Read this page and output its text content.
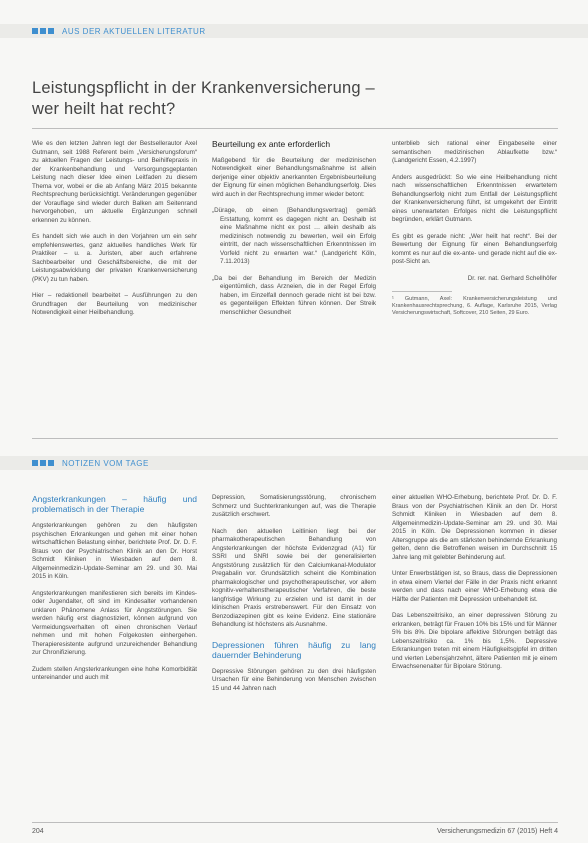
AUS DER AKTUELLEN LITERATUR
Leistungspflicht in der Krankenversicherung –
wer heilt hat recht?

Wie es den letzten Jahren legt der Bestsellerautor Axel Gutmann, seit 1988 Referent beim „Versicherungsforum“ zu aktuellen Fragen der Leistungs- und Beihilfepraxis in der Krankenbehandlung und Versorgungsgeplanten Leistung nach dieser Idee einen Leitfaden zu diesem Thema vor, wobei er die ab Anfang März 2015 bekannte Rechtsprechung berücksichtigt. Veränderungen gegenüber der Vorauflage sind wieder durch Balken am Seitenrand hervorgehoben, um aktuelle Ergänzungen schnell erkennen zu können.

Es handelt sich wie auch in den Vorjahren um ein sehr empfehlenswertes, ganz aktuelles handliches Werk für Praktiker – u. a. Juristen, aber auch erfahrene Sachbearbeiter und Geschäftsbereiche, die mit der Leistungsabwicklung der privaten Krankenversicherung (PKV) zu tun haben.

Hier – redaktionell bearbeitet – Ausführungen zu den Grundfragen der Beurteilung von medizinischer Notwendigkeit einer Heilbehandlung.

Beurteilung ex ante erforderlich

Maßgebend für die Beurteilung der medizinischen Notwendigkeit einer Behandlungsmaßnahme ist allein derjenige einer objektiv anerkannten Ergebnisbeurteilung der Eignung für einen möglichen Behandlungserfolg. Dies wird auch in der Rechtsprechung immer wieder betont:

„Dürage, ob einen [Behandlungsvertrag] gemäß Erstattung, kommt es dagegen nicht an. Deshalb ist eine Maßnahme nicht ex post … allein deshalb als medizinisch notwendig zu bewerten, weil ein Erfolg eintritt, der nach wissenschaftlichen Erkenntnissen im Vorfeld nicht zu erwarten war.“ (Landgericht Köln, 7.11.2013)

„Da bei der Behandlung im Bereich der Medizin eigentümlich, dass Arzneien, die in der Regel Erfolg haben, im Einzelfall dennoch gerade nicht ist bei bzw. es gegenteiligen Effekten führen können. Der Streik menschlicher Gesundheit

unterblieb sich rational einer Eingabeseite einer semantischen medizinischen Ablaufkette bzw.“ (Landgericht Essen, 4.2.1997)

Anders ausgedrückt: So wie eine Heilbehandlung nicht nach wissenschaftlichen Erkenntnissen erwartetem Behandlungserfolg nicht zum Entfall der Leistungspflicht der Krankenversicherung führt, ist umgekehrt der Eintritt eines unerwarteten Erfolges nicht die Leistungspflicht begründen, erklärt Gutmann.

Es gibt es gerade nicht: „Wer heilt hat recht“. Bei der Bewertung der Eignung für einen Behandlungserfolg kommt es nur auf die ex-ante- und gerade nicht auf die ex-post-Sicht an.

Dr. rer. nat. Gerhard Schellhöfer

¹ Gutmann, Axel: Krankenversicherungsleistung und Krankenhausrechtsprechung, 6. Auflage, Karlsruhe 2015, Verlag Versicherungswirtschaft, Softcover, 210 Seiten, 29 Euro.

NOTIZEN VOM TAGE
Angsterkrankungen – häufig und problematisch in der Therapie

Angsterkrankungen gehören zu den häufigsten psychischen Erkrankungen und gehen mit einer hohen wirtschaftlichen Belastung einher, berichtete Prof. Dr. D. F. Braus von der Psychiatrischen Klinik an den Dr. Horst Schmidt Kliniken in Wiesbaden auf dem 8. Allgemeinmedizin-Update-Seminar am 29. und 30. Mai 2015 in Köln.

Angsterkrankungen manifestieren sich bereits im Kindes- oder Jugendalter, oft sind im Kindesalter vorhandenen unklaren Phänomene Anlass für Angststörungen. Sie werden häufig erst diagnostiziert, können aufgrund von Vermeidungsverhalten oft einen chronischen Verlauf nehmen und mit hohen Folgekosten einhergehen. Therapieresistente aufgrund unzureichender Behandlung zur Chronifizierung.

Zudem stellen Angsterkrankungen eine hohe Komorbidität untereinander und auch mit

Depression, Somatisierungsstörung, chronischem Schmerz und Suchterkrankungen auf, was die Therapie zusätzlich erschwert.

Nach den aktuellen Leitlinien liegt bei der pharmakotherapeutischen Behandlung von Angsterkrankungen der höchste Evidenzgrad (A1) für SSRI und SNRI sowie bei der generalisierten Angststörung zusätzlich für den Calciumkanal-Modulator Pregabalin vor. Grundsätzlich scheint die Kombination pharmakologischer und psychotherapeutischer, vor allem kognitiv-verhaltenstherapeutischer Verfahren, die beste langfristige Wirkung zu erzielen und ist damit in der klinischen Praxis erstrebenswert. Für den Einsatz von Benzodiazepinen gibt es keine Evidenz. Eine stationäre Behandlung ist höchstens als Ausnahme.

Depressionen führen häufig zu lang dauernder Behinderung

Depressive Störungen gehören zu den drei häufigsten Ursachen für eine Behinderung von Menschen zwischen 15 und 44 Jahren nach

einer aktuellen WHO-Erhebung, berichtete Prof. Dr. D. F. Braus von der Psychiatrischen Klinik an den Dr. Horst Schmidt Kliniken in Wiesbaden auf dem 8. Allgemeinmedizin-Update-Seminar am 29. und 30. Mai 2015 in Köln. Die Depressionen kommen in dieser Altersgruppe als die am stärksten behindernde Erkrankung gelten, denn die Betroffenen weisen im Durchschnitt 15 Jahre lang mit gelebter Behinderung auf.

Unter Erwerbstätigen ist, so Braus, dass die Depressionen in etwa einem Viertel der Fälle in der Praxis nicht erkannt werden und dass nach einer WHO-Erhebung etwa die Hälfte der Patienten mit Depression unbehandelt ist.

Das Lebenszeitrisiko, an einer depressiven Störung zu erkranken, beträgt für Frauen 10% bis 15% und für Männer 5% bis 8%. Die bipolare affektive Störungen beträgt das Lebenszeitrisiko ca. 1% bis 1,5%. Depressive Erkrankungen treten mit einem Häufigkeitsgipfel im dritten und vierten Lebensjahrzehnt, ältere Patienten mit je einem Erwachsenenalter für Bipolare Störung.

204	Versicherungsmedizin 67 (2015) Heft 4
